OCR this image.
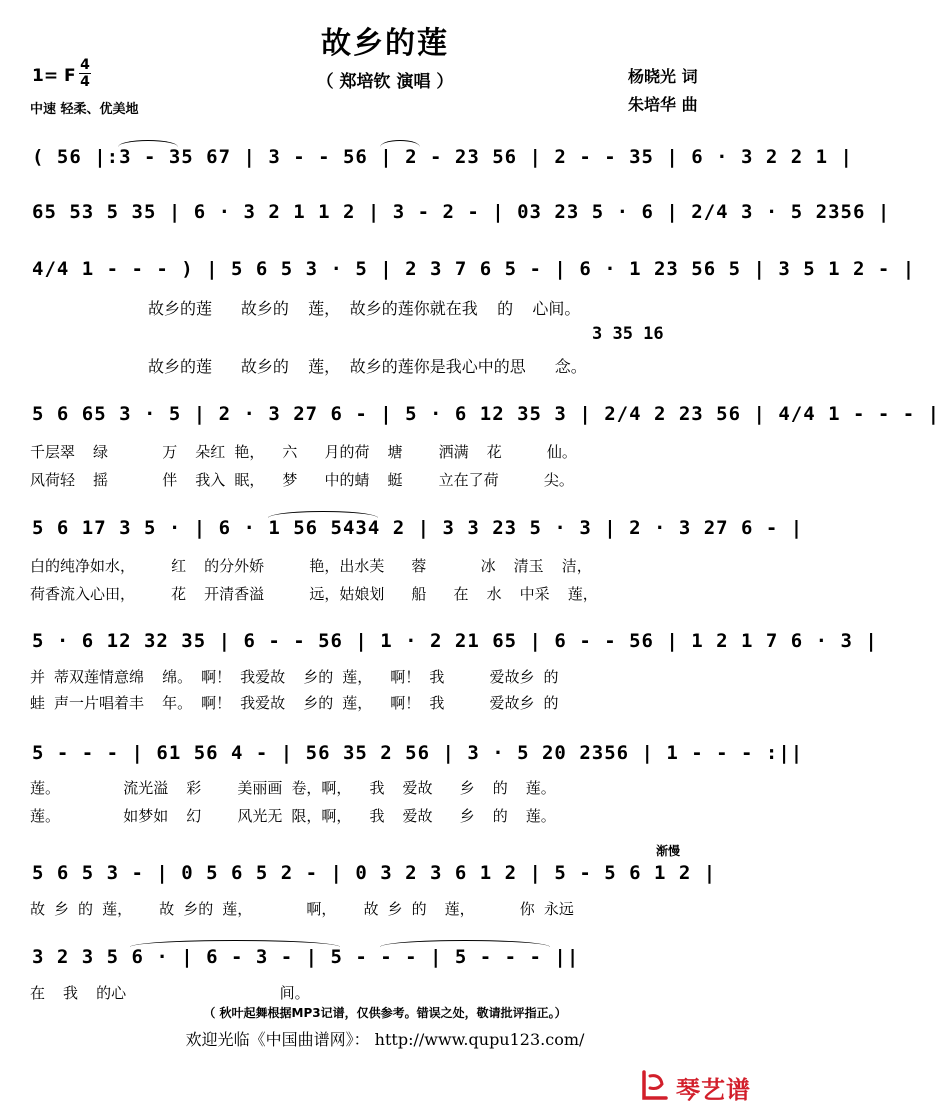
故乡的莲
（ 郑培钦 演唱 ）
1= F
4
4
中速 轻柔、优美地
杨晓光 词
朱培华 曲
( 56 |:3 - 35 67 | 3 - - 56 | 2 - 23 56 | 2 - - 35 | 6 · 3 2 2 1 |
65 53 5 35 | 6 · 3 2 1 1 2 | 3 - 2 - | 03 23 5 · 6 | 2/4 3 · 5 2356 |
4/4 1 - - - ) | 5 6 5 3 · 5 | 2 3 7 6 5 - | 6 · 1 23 56 5 | 3 5 1 2 - |
故乡的莲   故乡的  莲， 故乡的莲你就在我  的  心间。
3 35 16
故乡的莲   故乡的  莲， 故乡的莲你是我心中的思   念。
5 6 65 3 · 5 | 2 · 3 27 6 - | 5 · 6 12 35 3 | 2/4 2 23 56 | 4/4 1 - - - |
千层翠  绿      万  朵红 艳，  六   月的荷  塘    洒满  花     仙。
风荷轻  摇      伴  我入 眠，  梦   中的蜻  蜓    立在了荷     尖。
5 6 17 3 5 · | 6 · 1 56 5434 2 | 3 3 23 5 · 3 | 2 · 3 27 6 - |
白的纯净如水，    红  的分外娇     艳，出水芙   蓉      冰  清玉  洁，
荷香流入心田，    花  开清香溢     远，姑娘划   船   在  水  中采  莲，
5 · 6 12 32 35 | 6 - - 56 | 1 · 2 21 65 | 6 - - 56 | 1 2 1 7 6 · 3 |
并 蒂双莲情意绵  绵。 啊！ 我爱故  乡的 莲，  啊！ 我     爱故乡 的
蛙 声一片唱着丰  年。 啊！ 我爱故  乡的 莲，  啊！ 我     爱故乡 的
5 - - - | 61 56 4 - | 56 35 2 56 | 3 · 5 20 2356 | 1 - - - :||
莲。       流光溢  彩    美丽画 卷，啊，  我  爱故   乡  的  莲。
莲。       如梦如  幻    风光无 限，啊，  我  爱故   乡  的  莲。
渐慢
5 6 5 3 - | 0 5 6 5 2 - | 0 3 2 3 6 1 2 | 5 - 5 6 1 2 |
故 乡 的 莲，   故 乡的 莲，      啊，   故 乡 的  莲，     你 永远
3 2 3 5 6 · | 6 - 3 - | 5 - - - | 5 - - - ||
在  我  的心                 间。
（ 秋叶起舞根据MP3记谱，仅供参考。错误之处，敬请批评指正。）
欢迎光临《中国曲谱网》： http://www.qupu123.com/
琴艺谱
